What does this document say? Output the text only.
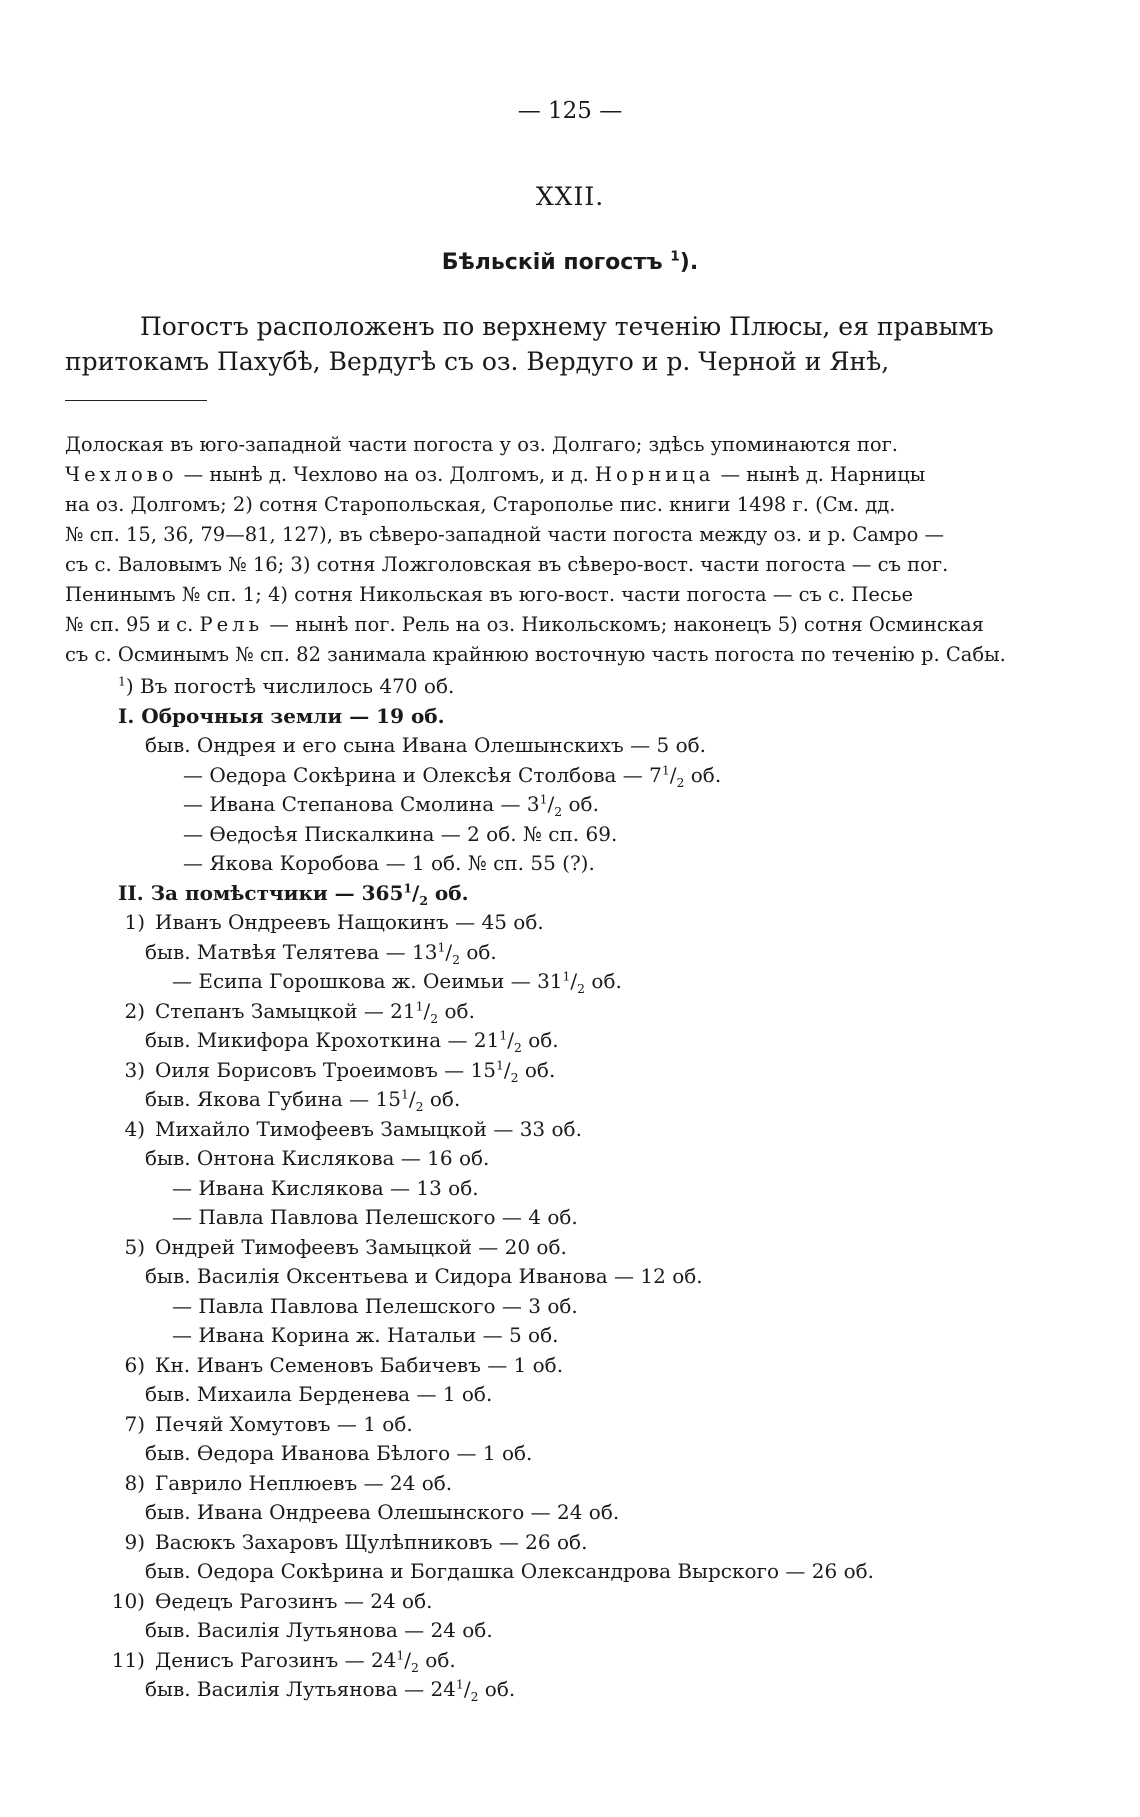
— 125 —
XXII.
Бѣльскій погостъ $^1$).
Погостъ расположенъ по верхнему теченію Плюсы, ея правымъ
притокамъ Пахубѣ, Вердугѣ съ оз. Вердуго и р. Черной и Янѣ,
Долоская въ юго-западной части погоста у оз. Долгаго; здѣсь упоминаются пог.
Чехлово — нынѣ д. Чехлово на оз. Долгомъ, и д. Норница — нынѣ д. Нарницы
на оз. Долгомъ; 2) сотня Старопольская, Старополье пис. книги 1498 г. (См. дд.
№ сп. 15, 36, 79—81, 127), въ сѣверо-западной части погоста между оз. и р. Самро —
съ с. Валовымъ № 16; 3) сотня Ложголовская въ сѣверо-вост. части погоста — съ пог.
Пенинымъ № сп. 1; 4) сотня Никольская въ юго-вост. части погоста — съ с. Песье
№ сп. 95 и с. Рель — нынѣ пог. Рель на оз. Никольскомъ; наконецъ 5) сотня Осминская
съ с. Осминымъ № сп. 82 занимала крайнюю восточную часть погоста по теченію р. Сабы.
$^1$) Въ погостѣ числилось 470 об.
I. Оброчныя земли — 19 об.
быв. Ондрея и его сына Ивана Олешынскихъ — 5 об.
— Оедора Сокѣрина и Олексѣя Столбова — $7^1/_2$ об.
— Ивана Степанова Смолина — $3^1/_2$ об.
— Ѳедосѣя Пискалкина — 2 об. № сп. 69.
— Якова Коробова — 1 об. № сп. 55 (?).
II. За помѣстчики — $365^1/_2$ об.
1) Иванъ Ондреевъ Нащокинъ — 45 об.
быв. Матвѣя Телятева — $13^1/_2$ об.
— Есипа Горошкова ж. Оеимьи — $31^1/_2$ об.
2) Степанъ Замыцкой — $21^1/_2$ об.
быв. Микифора Крохоткина — $21^1/_2$ об.
3) Оиля Борисовъ Троеимовъ — $15^1/_2$ об.
быв. Якова Губина — $15^1/_2$ об.
4) Михайло Тимофеевъ Замыцкой — 33 об.
быв. Онтона Кислякова — 16 об.
— Ивана Кислякова — 13 об.
— Павла Павлова Пелешского — 4 об.
5) Ондрей Тимофеевъ Замыцкой — 20 об.
быв. Василія Оксентьева и Сидора Иванова — 12 об.
— Павла Павлова Пелешского — 3 об.
— Ивана Корина ж. Натальи — 5 об.
6) Кн. Иванъ Семеновъ Бабичевъ — 1 об.
быв. Михаила Берденева — 1 об.
7) Печяй Хомутовъ — 1 об.
быв. Ѳедора Иванова Бѣлого — 1 об.
8) Гаврило Неплюевъ — 24 об.
быв. Ивана Ондреева Олешынского — 24 об.
9) Васюкъ Захаровъ Щулѣпниковъ — 26 об.
быв. Оедора Сокѣрина и Богдашка Олександрова Вырского — 26 об.
10) Ѳедецъ Рагозинъ — 24 об.
быв. Василія Лутьянова — 24 об.
11) Денисъ Рагозинъ — $24^1/_2$ об.
быв. Василія Лутьянова — $24^1/_2$ об.
